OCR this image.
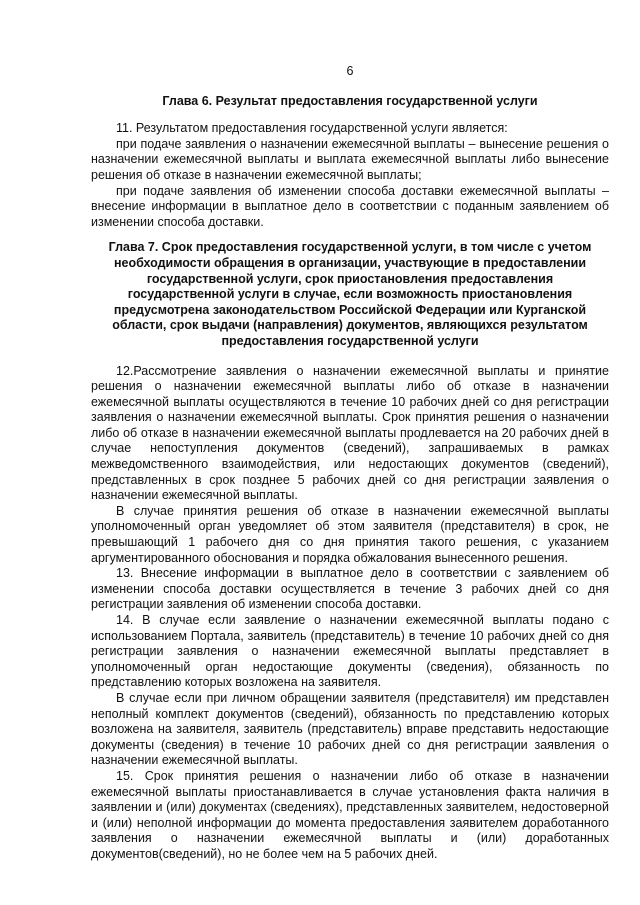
6
Глава 6. Результат предоставления государственной услуги

11. Результатом предоставления государственной услуги является:

при подаче заявления о назначении ежемесячной выплаты – вынесение решения о назначении ежемесячной выплаты и выплата ежемесячной выплаты либо вынесение решения об отказе в назначении ежемесячной выплаты;

при подаче заявления об изменении способа доставки ежемесячной выплаты – внесение информации в выплатное дело в соответствии с поданным заявлением об изменении способа доставки.

Глава 7. Срок предоставления государственной услуги, в том числе с учетом необходимости обращения в организации, участвующие в предоставлении государственной услуги, срок приостановления предоставления государственной услуги в случае, если возможность приостановления предусмотрена законодательством Российской Федерации или Курганской области, срок выдачи (направления) документов, являющихся результатом предоставления государственной услуги

12.Рассмотрение заявления о назначении ежемесячной выплаты и принятие решения о назначении ежемесячной выплаты либо об отказе в назначении ежемесячной выплаты осуществляются в течение 10 рабочих дней со дня регистрации заявления о назначении ежемесячной выплаты. Срок принятия решения о назначении либо об отказе в назначении ежемесячной выплаты продлевается на 20 рабочих дней в случае непоступления документов (сведений), запрашиваемых в рамках межведомственного взаимодействия, или недостающих документов (сведений), представленных в срок позднее 5 рабочих дней со дня регистрации заявления о назначении ежемесячной выплаты.

В случае принятия решения об отказе в назначении ежемесячной выплаты уполномоченный орган уведомляет об этом заявителя (представителя) в срок, не превышающий 1 рабочего дня со дня принятия такого решения, с указанием аргументированного обоснования и порядка обжалования вынесенного решения.

13. Внесение информации в выплатное дело в соответствии с заявлением об изменении способа доставки осуществляется в течение 3 рабочих дней со дня регистрации заявления об изменении способа доставки.

14. В случае если заявление о назначении ежемесячной выплаты подано с использованием Портала, заявитель (представитель) в течение 10 рабочих дней со дня регистрации заявления о назначении ежемесячной выплаты представляет в уполномоченный орган недостающие документы (сведения), обязанность по представлению которых возложена на заявителя.

В случае если при личном обращении заявителя (представителя) им представлен неполный комплект документов (сведений), обязанность по представлению которых возложена на заявителя, заявитель (представитель) вправе представить недостающие документы (сведения) в течение 10 рабочих дней со дня регистрации заявления о назначении ежемесячной выплаты.

15. Срок принятия решения о назначении либо об отказе в назначении ежемесячной выплаты приостанавливается в случае установления факта наличия в заявлении и (или) документах (сведениях), представленных заявителем, недостоверной и (или) неполной информации до момента предоставления заявителем доработанного заявления о назначении ежемесячной выплаты и (или) доработанных документов(сведений), но не более чем на 5 рабочих дней.
